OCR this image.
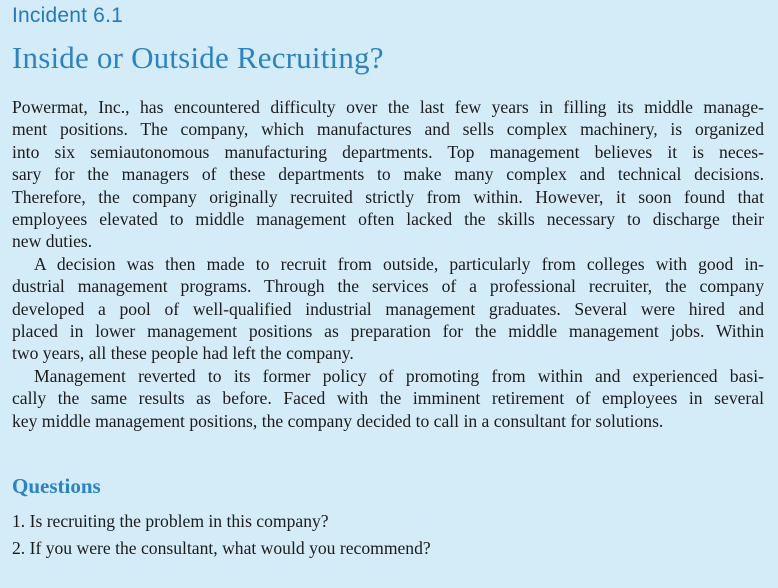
Incident 6.1
Inside or Outside Recruiting?
Powermat, Inc., has encountered difficulty over the last few years in filling its middle manage-
ment positions. The company, which manufactures and sells complex machinery, is organized
into six semiautonomous manufacturing departments. Top management believes it is neces-
sary for the managers of these departments to make many complex and technical decisions.
Therefore, the company originally recruited strictly from within. However, it soon found that
employees elevated to middle management often lacked the skills necessary to discharge their
new duties.
A decision was then made to recruit from outside, particularly from colleges with good in-
dustrial management programs. Through the services of a professional recruiter, the company
developed a pool of well-qualified industrial management graduates. Several were hired and
placed in lower management positions as preparation for the middle management jobs. Within
two years, all these people had left the company.
Management reverted to its former policy of promoting from within and experienced basi-
cally the same results as before. Faced with the imminent retirement of employees in several
key middle management positions, the company decided to call in a consultant for solutions.
Questions
1. Is recruiting the problem in this company?
2. If you were the consultant, what would you recommend?
